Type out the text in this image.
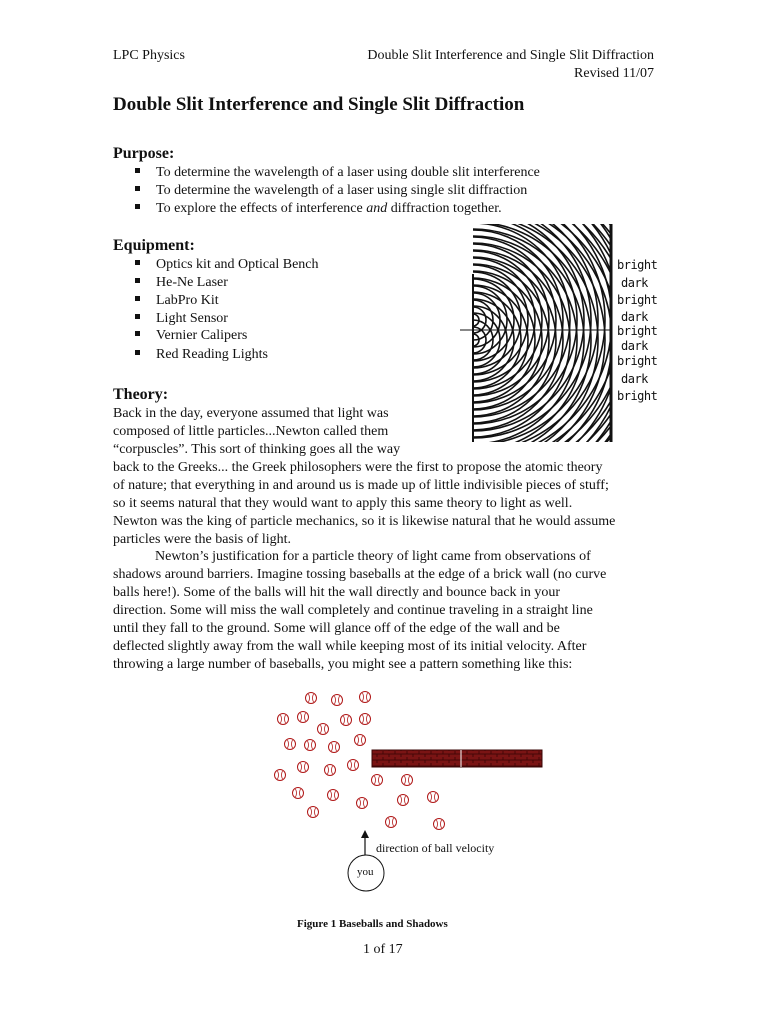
LPC Physics	Double Slit Interference and Single Slit Diffraction
Revised 11/07
Double Slit Interference and Single Slit Diffraction
Purpose:
To determine the wavelength of a laser using double slit interference
To determine the wavelength of a laser using single slit diffraction
To explore the effects of interference and diffraction together.
Equipment:
Optics kit and Optical Bench
He-Ne Laser
LabPro Kit
Light Sensor
Vernier Calipers
Red Reading Lights
bright
dark
bright
dark
bright
dark
bright
dark
bright
Theory:
Back in the day, everyone assumed that light was
composed of little particles...Newton called them
“corpuscles”. This sort of thinking goes all the way
back to the Greeks... the Greek philosophers were the first to propose the atomic theory
of nature; that everything in and around us is made up of little indivisible pieces of stuff;
so it seems natural that they would want to apply this same theory to light as well.
Newton was the king of particle mechanics, so it is likewise natural that he would assume
particles were the basis of light.
Newton’s justification for a particle theory of light came from observations of
shadows around barriers. Imagine tossing baseballs at the edge of a brick wall (no curve
balls here!). Some of the balls will hit the wall directly and bounce back in your
direction. Some will miss the wall completely and continue traveling in a straight line
until they fall to the ground. Some will glance off of the edge of the wall and be
deflected slightly away from the wall while keeping most of its initial velocity. After
throwing a large number of baseballs, you might see a pattern something like this:
direction of ball velocity
you
Figure 1 Baseballs and Shadows
1 of 17
